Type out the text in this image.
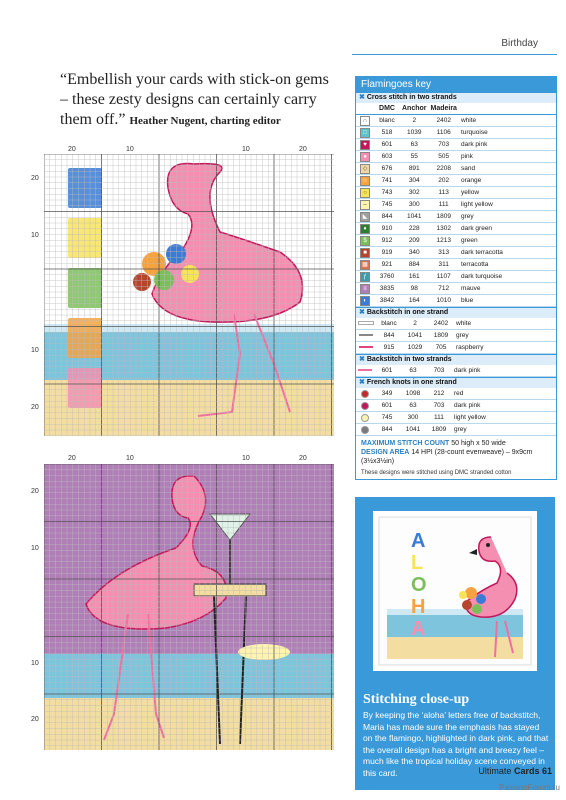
Birthday
“Embellish your cards with stick-on gems – these zesty designs can certainly carry them off.” Heather Nugent, charting editor
20	10	10	20
20
10
10
20
20	10	10	20
20
10
10
20
Flamingoes key
✖ Cross stitch in two strands
	DMC	Anchor	Madeira	
∩	blanc	2	2402	white
□	518	1039	1106	turquoise
♥	601	63	703	dark pink
●	603	55	505	pink
◇	676	891	2208	sand
☆	741	304	202	orange
○	743	302	113	yellow
–	745	300	111	light yellow
◣	844	1041	1809	grey
♦	910	228	1302	dark green
$	912	209	1213	green
■	919	340	313	dark terracotta
▦	921	884	311	terracotta
ƒ	3760	161	1107	dark turquoise
≡	3835	98	712	mauve
◐	3842	164	1010	blue
✖ Backstitch in one strand
	blanc	2	2402	white
	844	1041	1809	grey
	915	1029	705	raspberry
✖ Backstitch in two strands
	601	63	703	dark pink
✖ French knots in one strand
	349	1098	212	red
	601	63	703	dark pink
	745	300	111	light yellow
	844	1041	1809	grey
MAXIMUM STITCH COUNT 50 high x 50 wide
DESIGN AREA 14 HPI (28-count evenweave) – 9x9cm (3½x3½in)
These designs were stitched using DMC stranded cotton
A
L
O
H
A
Stitching close-up
By keeping the ‘aloha’ letters free of backstitch, Maria has made sure the emphasis has stayed on the flamingo, highlighted in dark pink, and that the overall design has a bright and breezy feel – much like the tropical holiday scene conveyed in this card.	Ultimate Cards 61
PassionForum.ru
